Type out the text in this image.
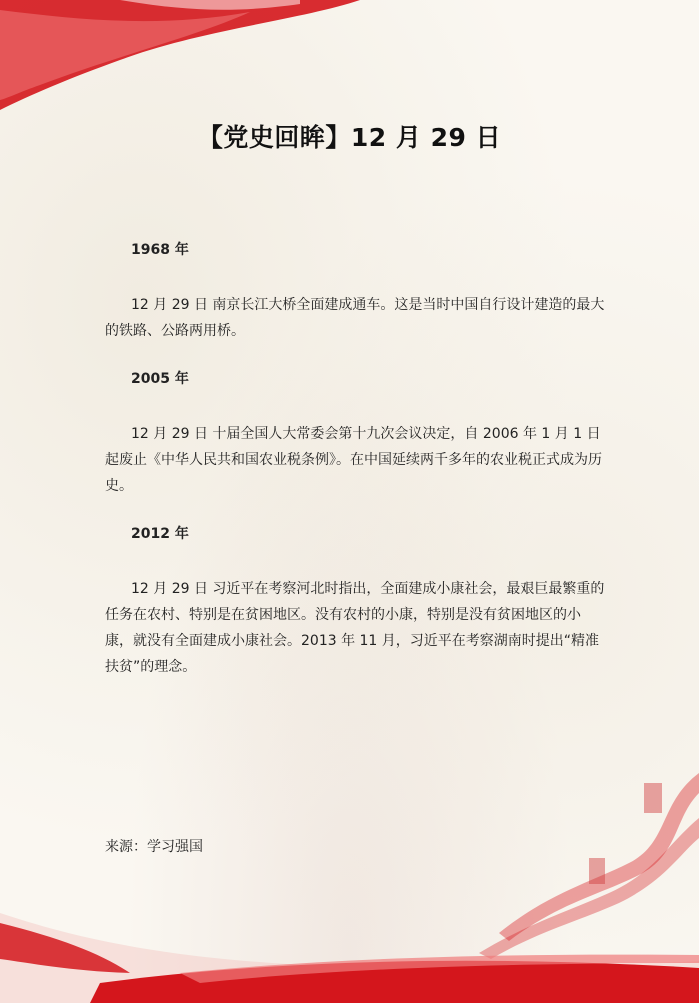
【党史回眸】12 月 29 日
1968 年

12 月 29 日 南京长江大桥全面建成通车。这是当时中国自行设计建造的最大的铁路、公路两用桥。

2005 年

12 月 29 日 十届全国人大常委会第十九次会议决定，自 2006 年 1 月 1 日起废止《中华人民共和国农业税条例》。在中国延续两千多年的农业税正式成为历史。

2012 年

12 月 29 日 习近平在考察河北时指出，全面建成小康社会，最艰巨最繁重的任务在农村、特别是在贫困地区。没有农村的小康，特别是没有贫困地区的小康，就没有全面建成小康社会。2013 年 11 月，习近平在考察湖南时提出“精准扶贫”的理念。

来源：学习强国
